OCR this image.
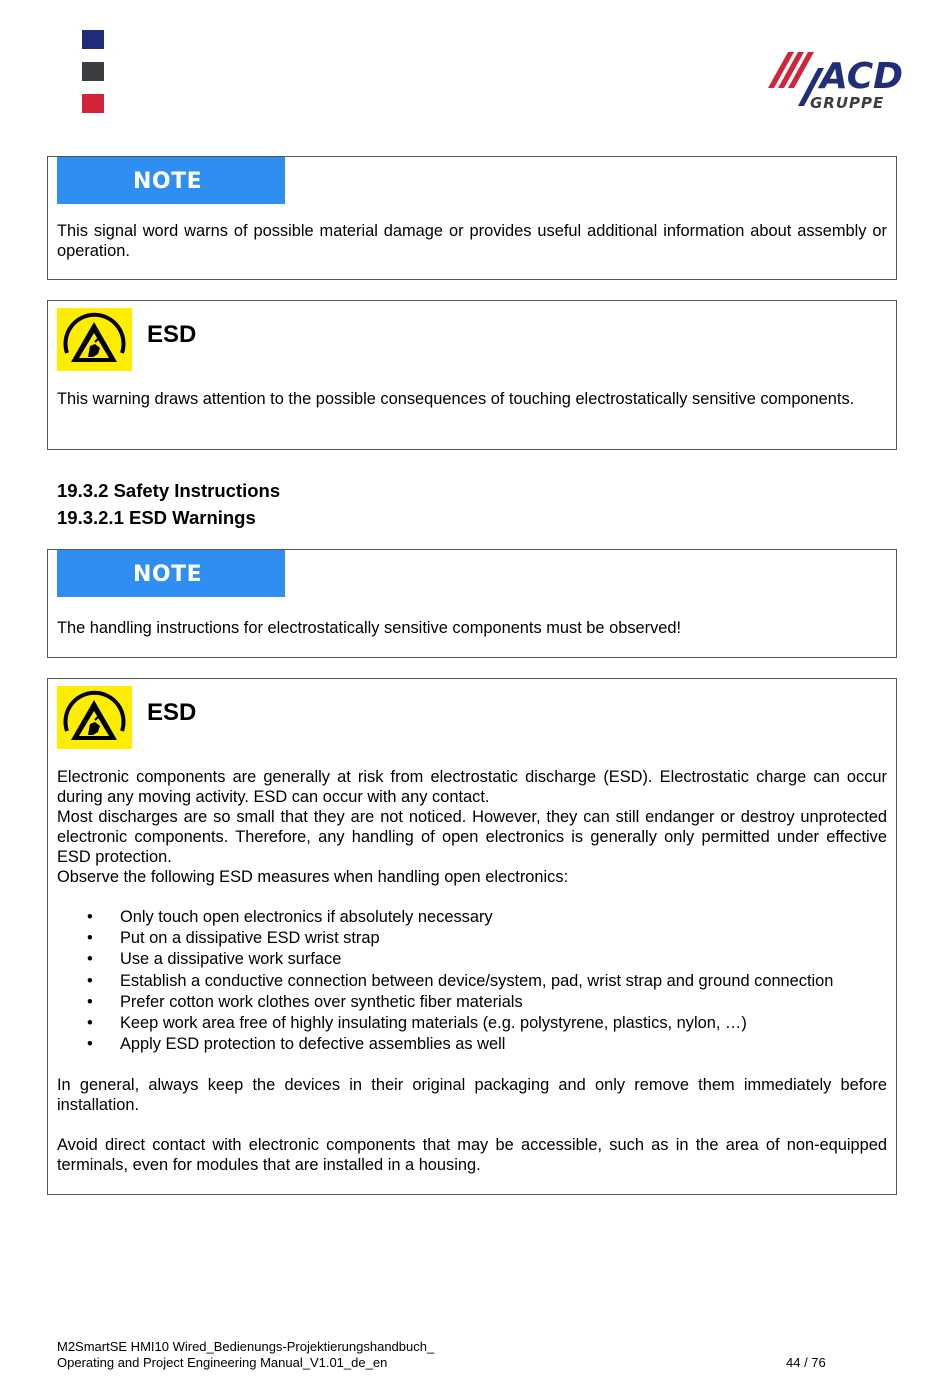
ACD
GRUPPE
NOTE
This signal word warns of possible material damage or provides useful additional information about assembly or operation.
ESD
This warning draws attention to the possible consequences of touching electrostatically sensitive components.
19.3.2 Safety Instructions
19.3.2.1 ESD Warnings
NOTE
The handling instructions for electrostatically sensitive components must be observed!
ESD
Electronic components are generally at risk from electrostatic discharge (ESD). Electrostatic charge can occur during any moving activity. ESD can occur with any contact.
Most discharges are so small that they are not noticed. However, they can still endanger or destroy unprotected electronic components. Therefore, any handling of open electronics is generally only permitted under effective ESD protection.
Observe the following ESD measures when handling open electronics:
• Only touch open electronics if absolutely necessary
• Put on a dissipative ESD wrist strap
• Use a dissipative work surface
• Establish a conductive connection between device/system, pad, wrist strap and ground connection
• Prefer cotton work clothes over synthetic fiber materials
• Keep work area free of highly insulating materials (e.g. polystyrene, plastics, nylon, …)
• Apply ESD protection to defective assemblies as well
In general, always keep the devices in their original packaging and only remove them immediately before installation.
Avoid direct contact with electronic components that may be accessible, such as in the area of non-equipped terminals, even for modules that are installed in a housing.
M2SmartSE HMI10 Wired_Bedienungs-Projektierungshandbuch_
Operating and Project Engineering Manual_V1.01_de_en	44 / 76
